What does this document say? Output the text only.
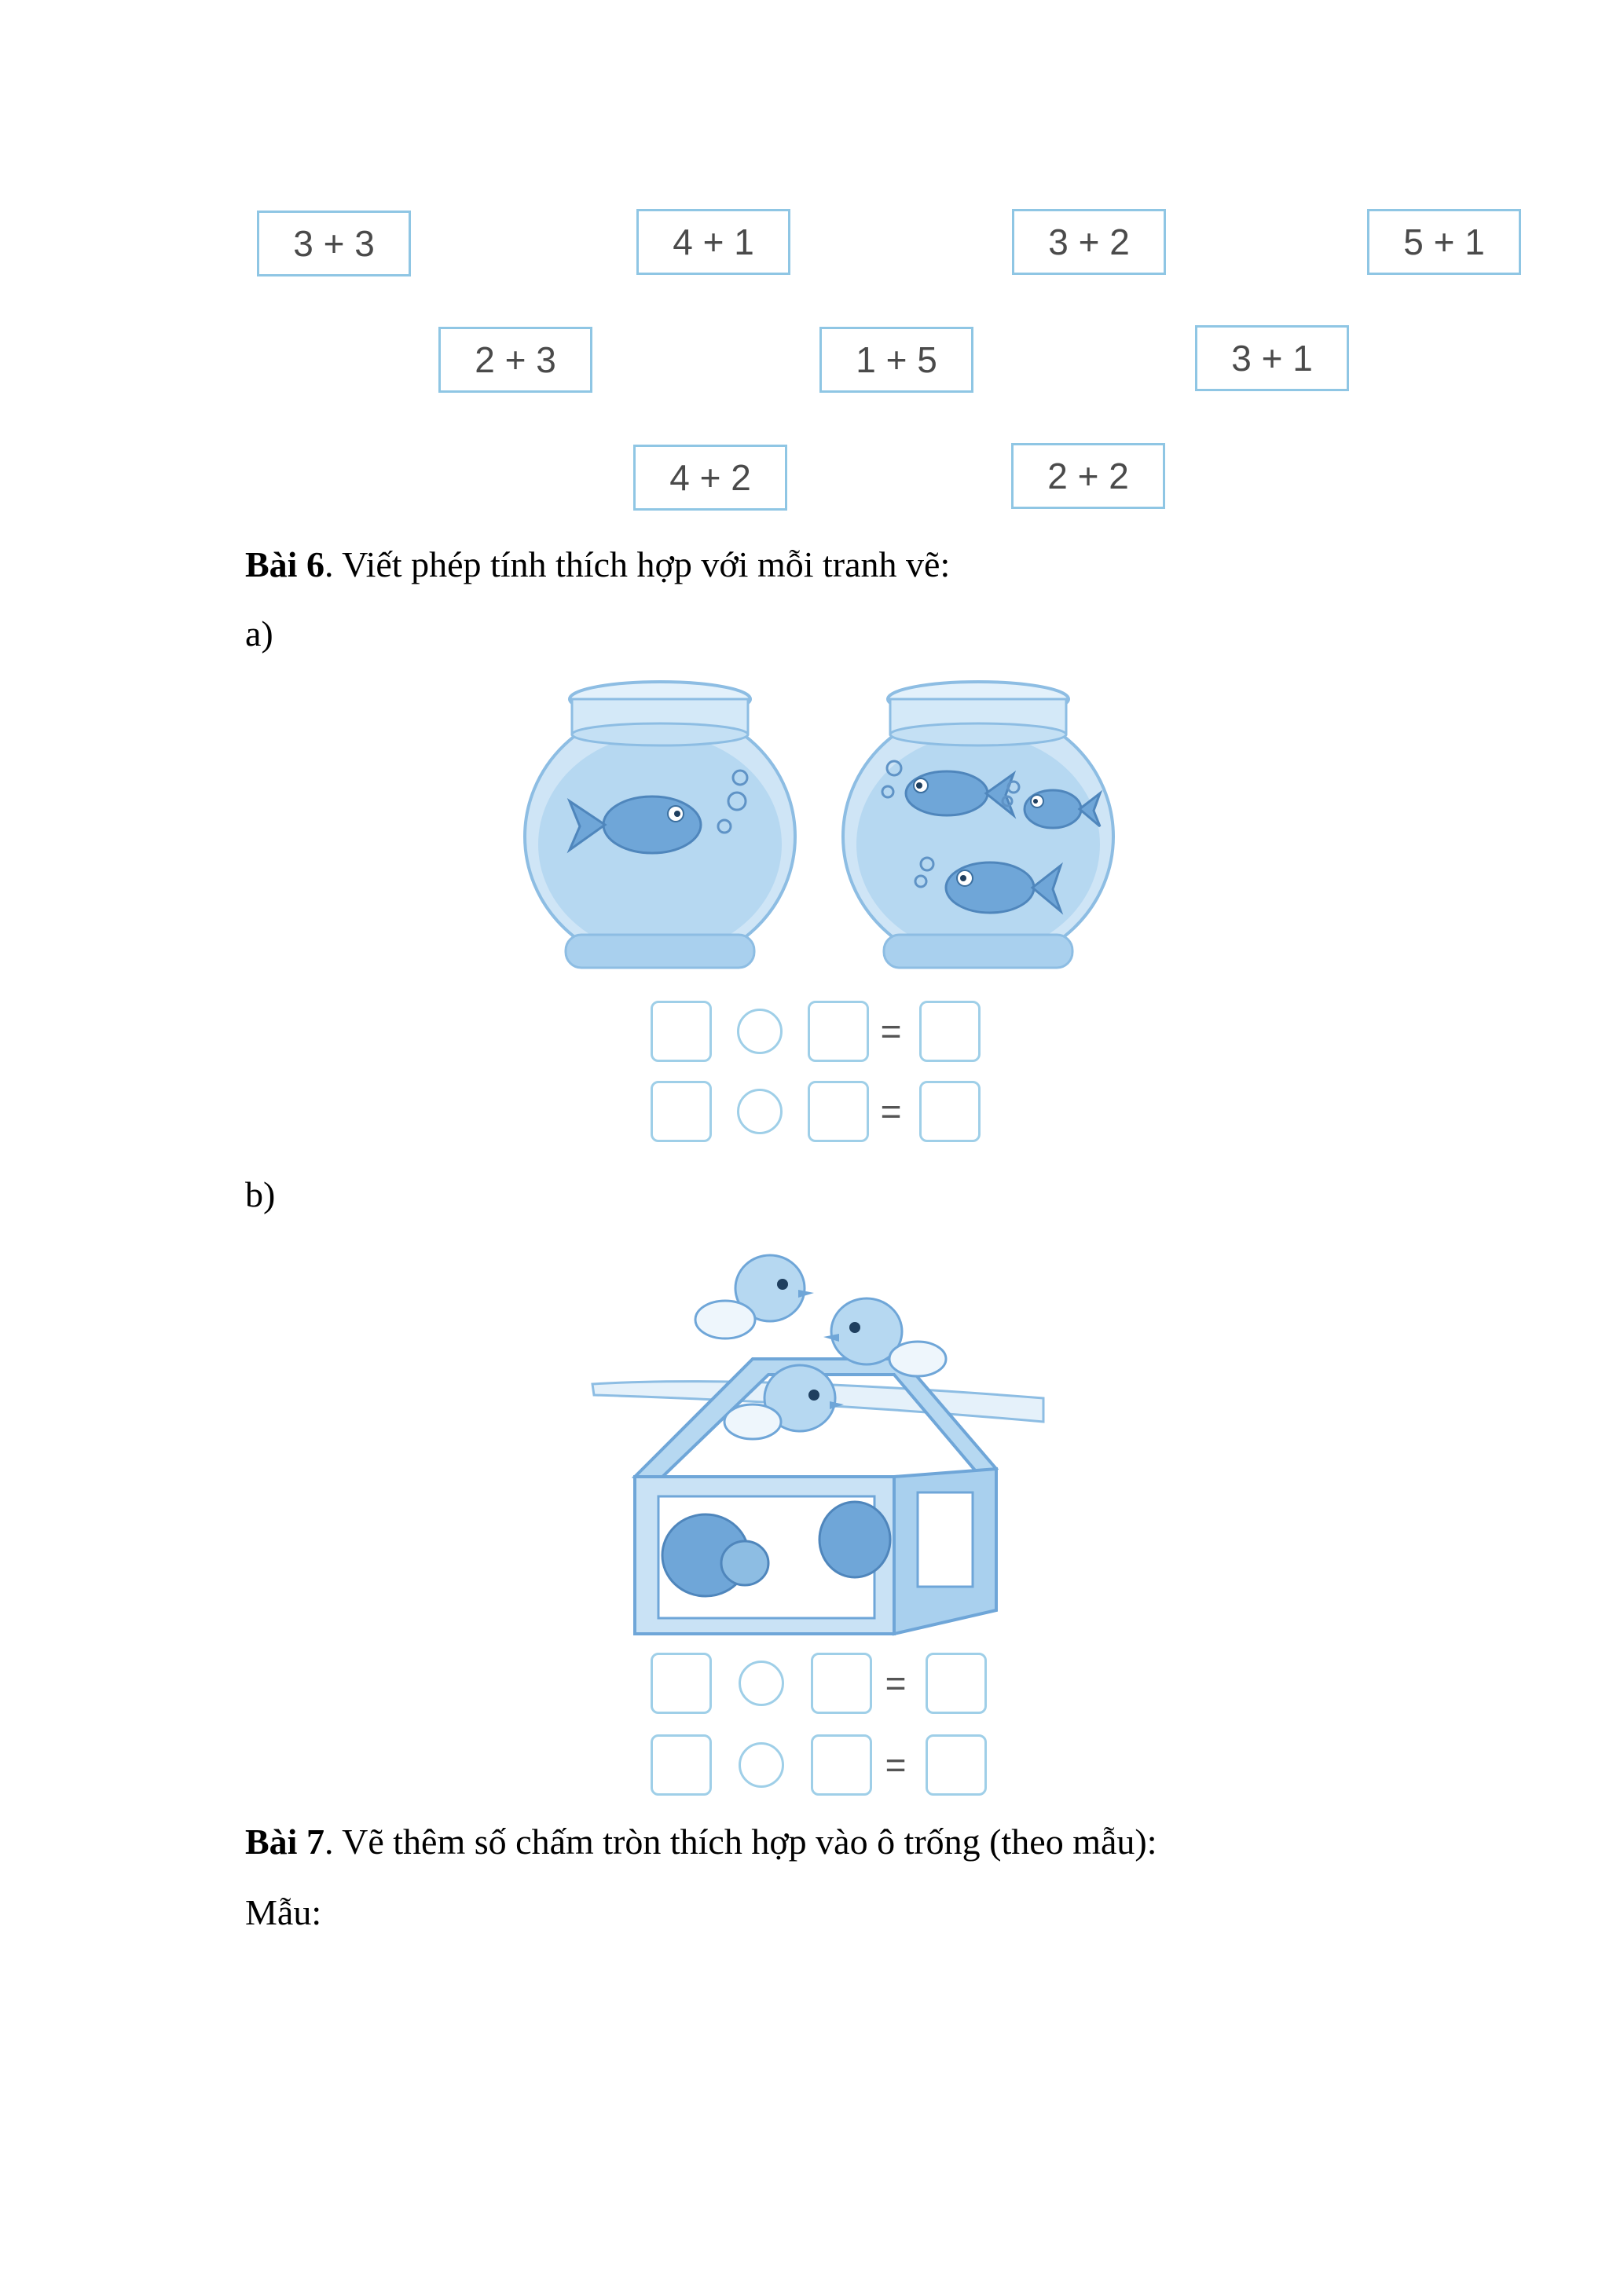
3 + 3	4 + 1	3 + 2	5 + 1
2 + 3	1 + 5	3 + 1
4 + 2	2 + 2
Bài 6. Viết phép tính thích hợp với mỗi tranh vẽ:
a)
=
=
b)
=
=
Bài 7. Vẽ thêm số chấm tròn thích hợp vào ô trống (theo mẫu):
Mẫu:
